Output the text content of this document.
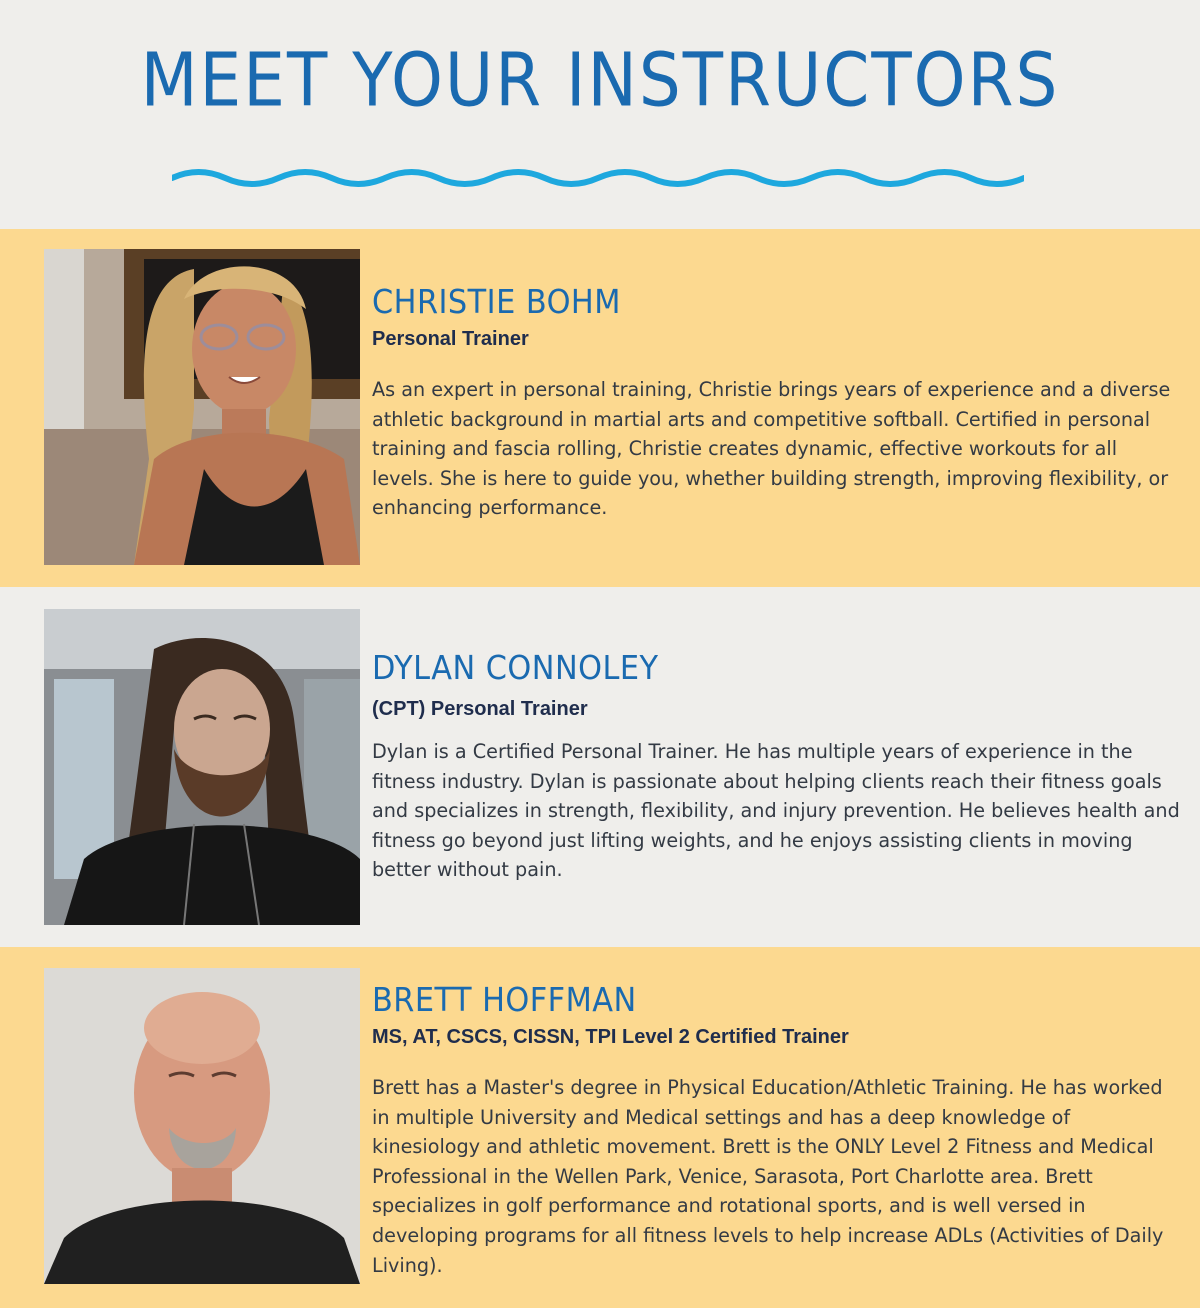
MEET YOUR INSTRUCTORS
CHRISTIE BOHM
Personal Trainer
As an expert in personal training, Christie brings years of experience and a diverse athletic background in martial arts and competitive softball. Certified in personal training and fascia rolling, Christie creates dynamic, effective workouts for all levels. She is here to guide you, whether building strength, improving flexibility, or enhancing performance.
DYLAN CONNOLEY
(CPT) Personal Trainer
Dylan is a Certified Personal Trainer. He has multiple years of experience in the fitness industry. Dylan is passionate about helping clients reach their fitness goals and specializes in strength, flexibility, and injury prevention. He believes health and fitness go beyond just lifting weights, and he enjoys assisting clients in moving better without pain.
BRETT HOFFMAN
MS, AT, CSCS, CISSN, TPI Level 2 Certified Trainer
Brett has a Master's degree in Physical Education/Athletic Training. He has worked in multiple University and Medical settings and has a deep knowledge of kinesiology and athletic movement. Brett is the ONLY Level 2 Fitness and Medical Professional in the Wellen Park, Venice, Sarasota, Port Charlotte area. Brett specializes in golf performance and rotational sports, and is well versed in developing programs for all fitness levels to help increase ADLs (Activities of Daily Living).
